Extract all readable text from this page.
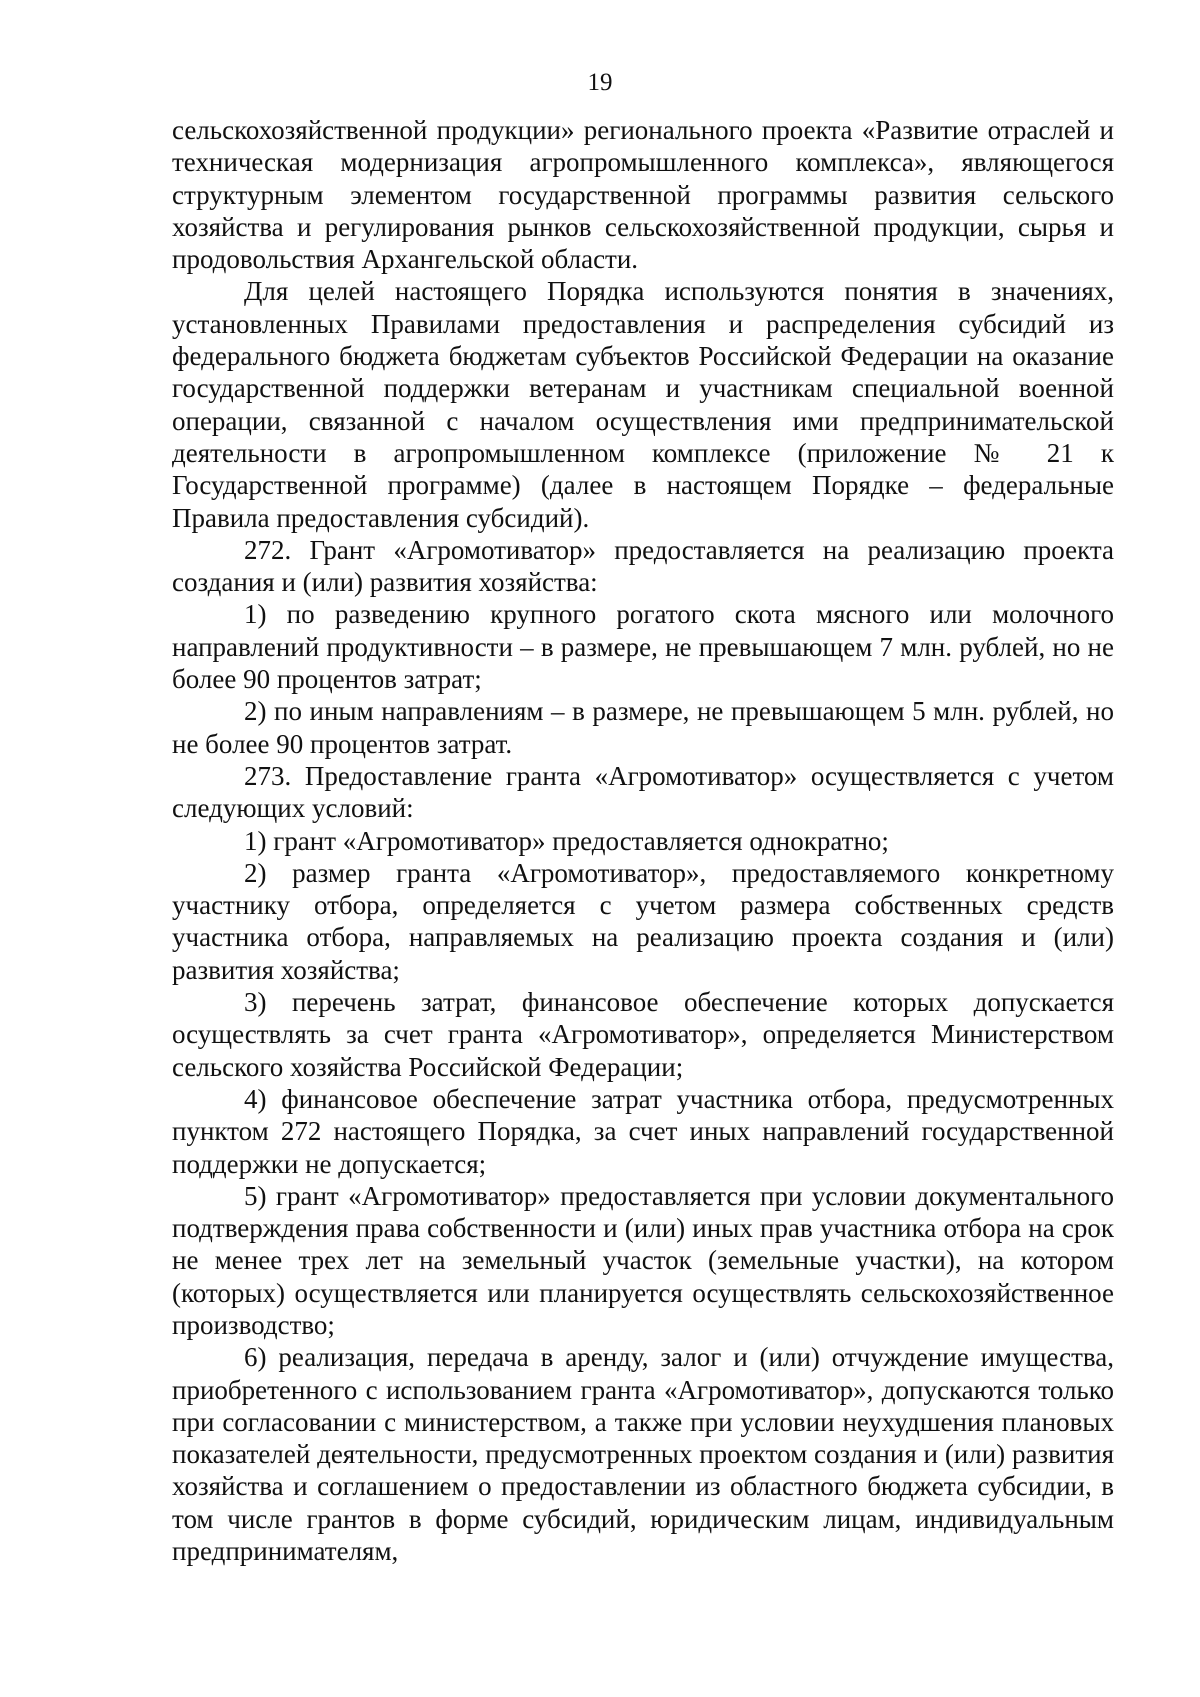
19

сельскохозяйственной продукции» регионального проекта «Развитие отраслей и техническая модернизация агропромышленного комплекса», являющегося структурным элементом государственной программы развития сельского хозяйства и регулирования рынков сельскохозяйственной продукции, сырья и продовольствия Архангельской области.

Для целей настоящего Порядка используются понятия в значениях, установленных Правилами предоставления и распределения субсидий из федерального бюджета бюджетам субъектов Российской Федерации на оказание государственной поддержки ветеранам и участникам специальной военной операции, связанной с началом осуществления ими предпринимательской деятельности в агропромышленном комплексе (приложение № 21 к Государственной программе) (далее в настоящем Порядке – федеральные Правила предоставления субсидий).

272. Грант «Агромотиватор» предоставляется на реализацию проекта создания и (или) развития хозяйства:

1) по разведению крупного рогатого скота мясного или молочного направлений продуктивности – в размере, не превышающем 7 млн. рублей, но не более 90 процентов затрат;

2) по иным направлениям – в размере, не превышающем 5 млн. рублей, но не более 90 процентов затрат.

273. Предоставление гранта «Агромотиватор» осуществляется с учетом следующих условий:

1) грант «Агромотиватор» предоставляется однократно;

2) размер гранта «Агромотиватор», предоставляемого конкретному участнику отбора, определяется с учетом размера собственных средств участника отбора, направляемых на реализацию проекта создания и (или) развития хозяйства;

3) перечень затрат, финансовое обеспечение которых допускается осуществлять за счет гранта «Агромотиватор», определяется Министерством сельского хозяйства Российской Федерации;

4) финансовое обеспечение затрат участника отбора, предусмотренных пунктом 272 настоящего Порядка, за счет иных направлений государственной поддержки не допускается;

5) грант «Агромотиватор» предоставляется при условии документального подтверждения права собственности и (или) иных прав участника отбора на срок не менее трех лет на земельный участок (земельные участки), на котором (которых) осуществляется или планируется осуществлять сельскохозяйственное производство;

6) реализация, передача в аренду, залог и (или) отчуждение имущества, приобретенного с использованием гранта «Агромотиватор», допускаются только при согласовании с министерством, а также при условии неухудшения плановых показателей деятельности, предусмотренных проектом создания и (или) развития хозяйства и соглашением о предоставлении из областного бюджета субсидии, в том числе грантов в форме субсидий, юридическим лицам, индивидуальным предпринимателям,
